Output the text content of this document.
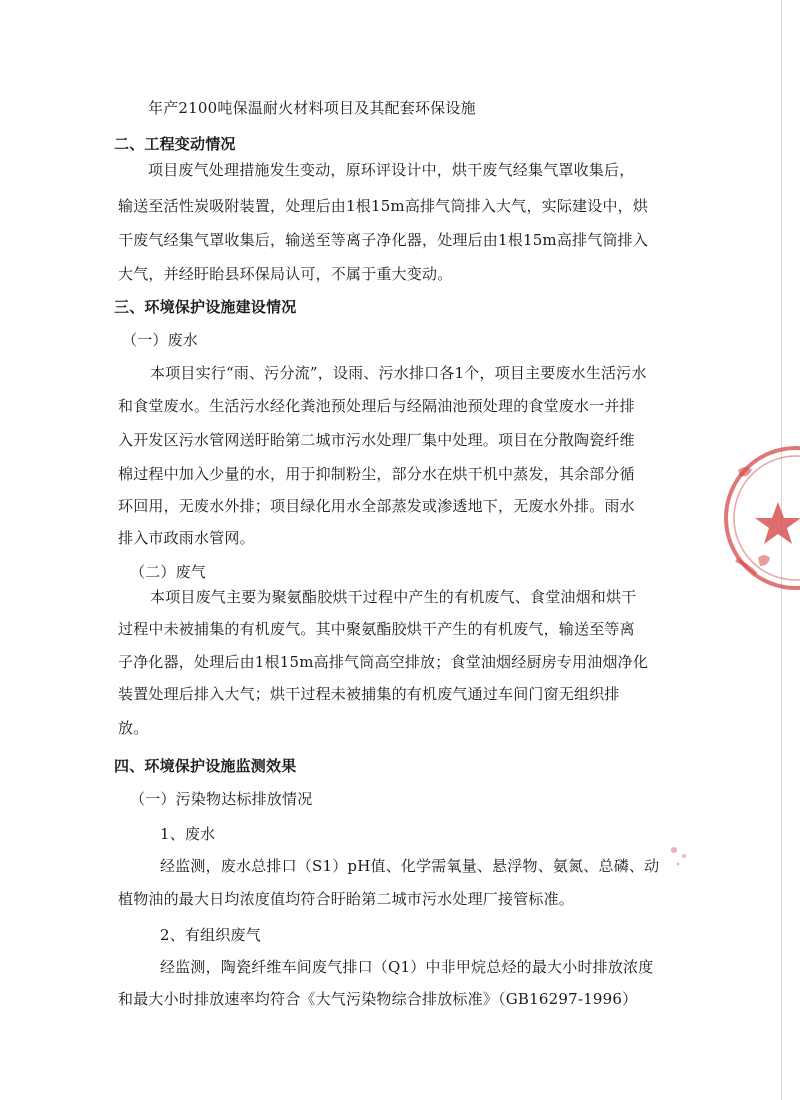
年产2100吨保温耐火材料项目及其配套环保设施

二、工程变动情况

项目废气处理措施发生变动，原环评设计中，烘干废气经集气罩收集后，

输送至活性炭吸附装置，处理后由1根15m高排气筒排入大气，实际建设中，烘

干废气经集气罩收集后，输送至等离子净化器，处理后由1根15m高排气筒排入

大气，并经盱眙县环保局认可，不属于重大变动。

三、环境保护设施建设情况

（一）废水

本项目实行“雨、污分流”，设雨、污水排口各1个，项目主要废水生活污水

和食堂废水。生活污水经化粪池预处理后与经隔油池预处理的食堂废水一并排

入开发区污水管网送盱眙第二城市污水处理厂集中处理。项目在分散陶瓷纤维

棉过程中加入少量的水，用于抑制粉尘，部分水在烘干机中蒸发，其余部分循

环回用，无废水外排；项目绿化用水全部蒸发或渗透地下，无废水外排。雨水

排入市政雨水管网。

（二）废气

本项目废气主要为聚氨酯胶烘干过程中产生的有机废气、食堂油烟和烘干

过程中未被捕集的有机废气。其中聚氨酯胶烘干产生的有机废气，输送至等离

子净化器，处理后由1根15m高排气筒高空排放；食堂油烟经厨房专用油烟净化

装置处理后排入大气；烘干过程未被捕集的有机废气通过车间门窗无组织排

放。

四、环境保护设施监测效果

（一）污染物达标排放情况

1、废水

经监测，废水总排口（S1）pH值、化学需氧量、悬浮物、氨氮、总磷、动

植物油的最大日均浓度值均符合盱眙第二城市污水处理厂接管标准。

2、有组织废气

经监测，陶瓷纤维车间废气排口（Q1）中非甲烷总烃的最大小时排放浓度

和最大小时排放速率均符合《大气污染物综合排放标准》（GB16297-1996）
